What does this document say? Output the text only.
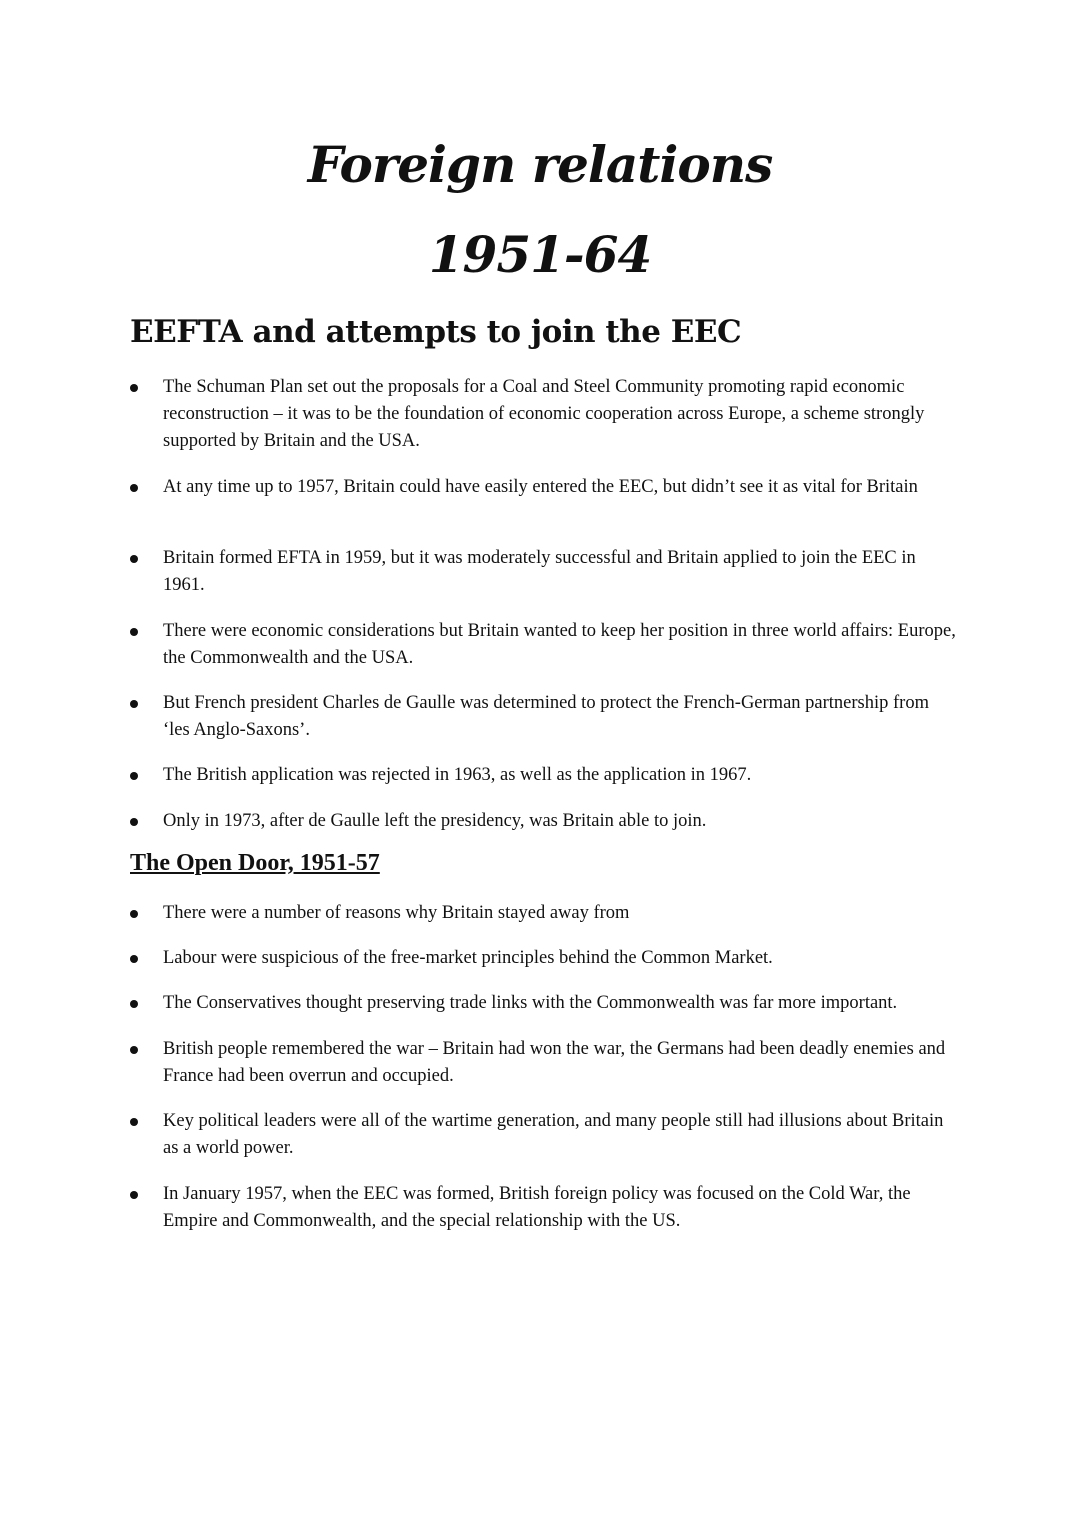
Foreign relations
1951-64
EEFTA and attempts to join the EEC
The Schuman Plan set out the proposals for a Coal and Steel Community promoting rapid economic reconstruction – it was to be the foundation of economic cooperation across Europe, a scheme strongly supported by Britain and the USA.
At any time up to 1957, Britain could have easily entered the EEC, but didn’t see it as vital for Britain
Britain formed EFTA in 1959, but it was moderately successful and Britain applied to join the EEC in 1961.
There were economic considerations but Britain wanted to keep her position in three world affairs: Europe, the Commonwealth and the USA.
But French president Charles de Gaulle was determined to protect the French-German partnership from ‘les Anglo-Saxons’.
The British application was rejected in 1963, as well as the application in 1967.
Only in 1973, after de Gaulle left the presidency, was Britain able to join.
The Open Door, 1951-57
There were a number of reasons why Britain stayed away from
Labour were suspicious of the free-market principles behind the Common Market.
The Conservatives thought preserving trade links with the Commonwealth was far more important.
British people remembered the war – Britain had won the war, the Germans had been deadly enemies and France had been overrun and occupied.
Key political leaders were all of the wartime generation, and many people still had illusions about Britain as a world power.
In January 1957, when the EEC was formed, British foreign policy was focused on the Cold War, the Empire and Commonwealth, and the special relationship with the US.
